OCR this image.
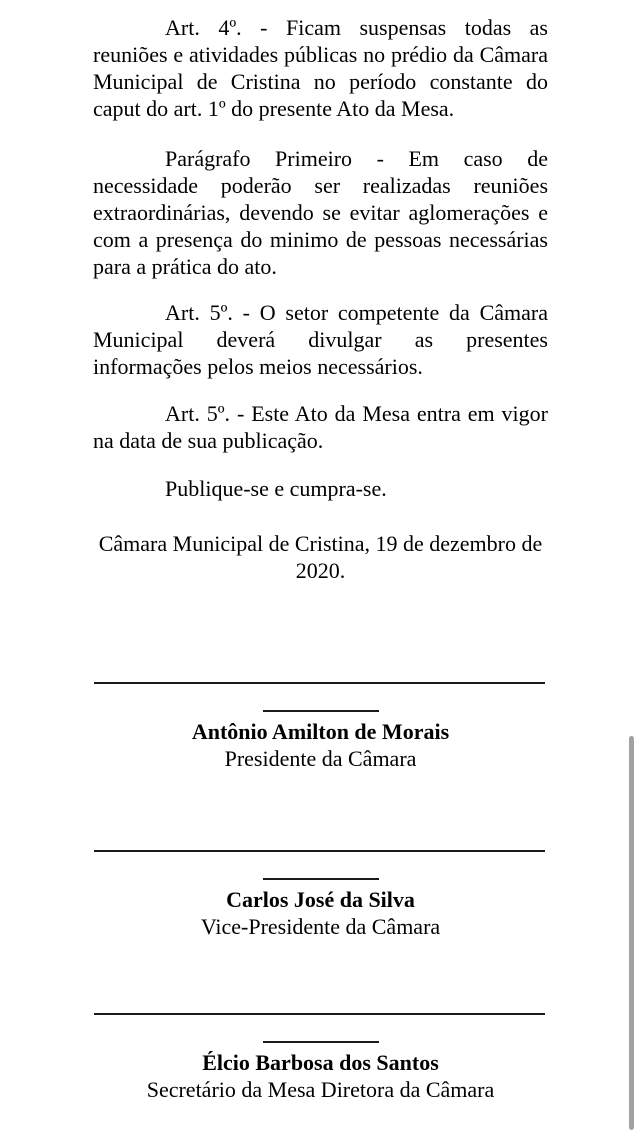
Art. 4º. - Ficam suspensas todas as reuniões e atividades públicas no prédio da Câmara Municipal de Cristina no período constante do caput do art. 1º do presente Ato da Mesa.

Parágrafo Primeiro - Em caso de necessidade poderão ser realizadas reuniões extraordinárias, devendo se evitar aglomerações e com a presença do minimo de pessoas necessárias para a prática do ato.

Art. 5º. - O setor competente da Câmara Municipal deverá divulgar as presentes informações pelos meios necessários.

Art. 5º. - Este Ato da Mesa entra em vigor na data de sua publicação.

Publique-se e cumpra-se.

Câmara Municipal de Cristina, 19 de dezembro de 2020.

Antônio Amilton de Morais
Presidente da Câmara
Carlos José da Silva
Vice-Presidente da Câmara
Élcio Barbosa dos Santos
Secretário da Mesa Diretora da Câmara
